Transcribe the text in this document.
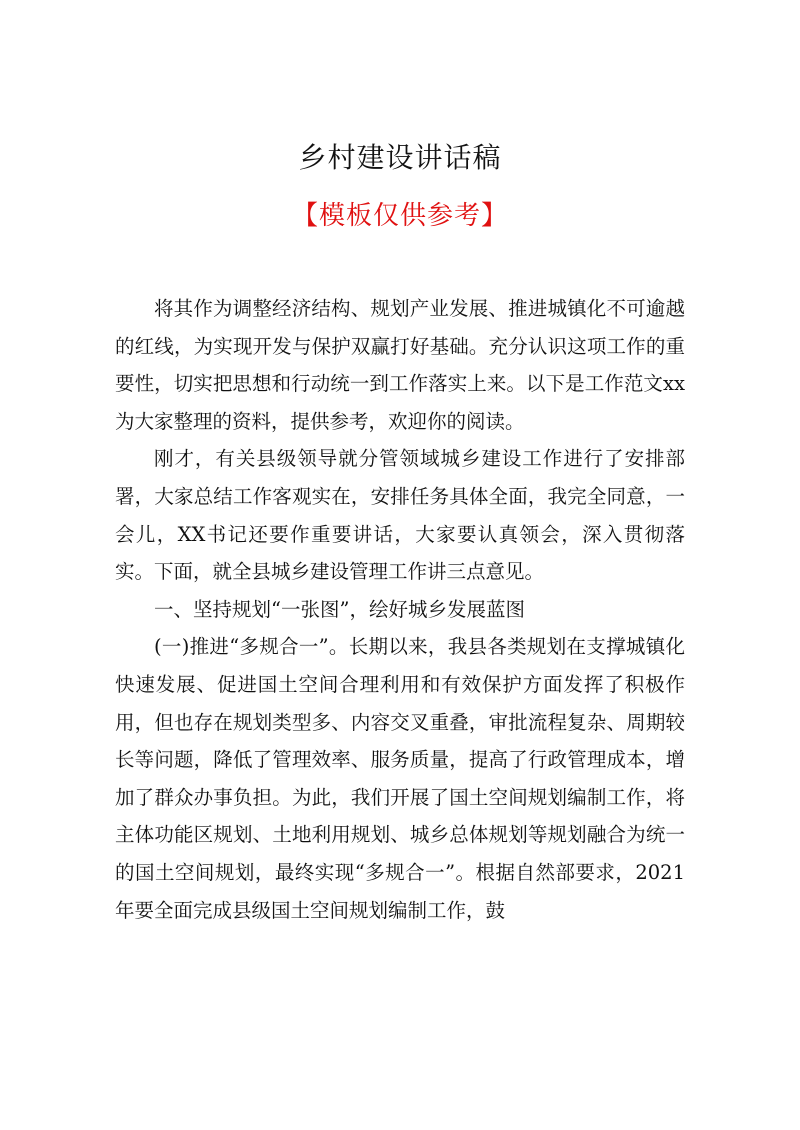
乡村建设讲话稿
【模板仅供参考】

将其作为调整经济结构、规划产业发展、推进城镇化不可逾越的红线，为实现开发与保护双赢打好基础。充分认识这项工作的重要性，切实把思想和行动统一到工作落实上来。以下是工作范文xx为大家整理的资料，提供参考，欢迎你的阅读。

刚才，有关县级领导就分管领域城乡建设工作进行了安排部署，大家总结工作客观实在，安排任务具体全面，我完全同意，一会儿，XX书记还要作重要讲话，大家要认真领会，深入贯彻落实。下面，就全县城乡建设管理工作讲三点意见。

一、坚持规划“一张图”，绘好城乡发展蓝图

(一)推进“多规合一”。长期以来，我县各类规划在支撑城镇化快速发展、促进国土空间合理利用和有效保护方面发挥了积极作用，但也存在规划类型多、内容交叉重叠，审批流程复杂、周期较长等问题，降低了管理效率、服务质量，提高了行政管理成本，增加了群众办事负担。为此，我们开展了国土空间规划编制工作，将主体功能区规划、土地利用规划、城乡总体规划等规划融合为统一的国土空间规划，最终实现“多规合一”。根据自然部要求，2021年要全面完成县级国土空间规划编制工作，鼓
